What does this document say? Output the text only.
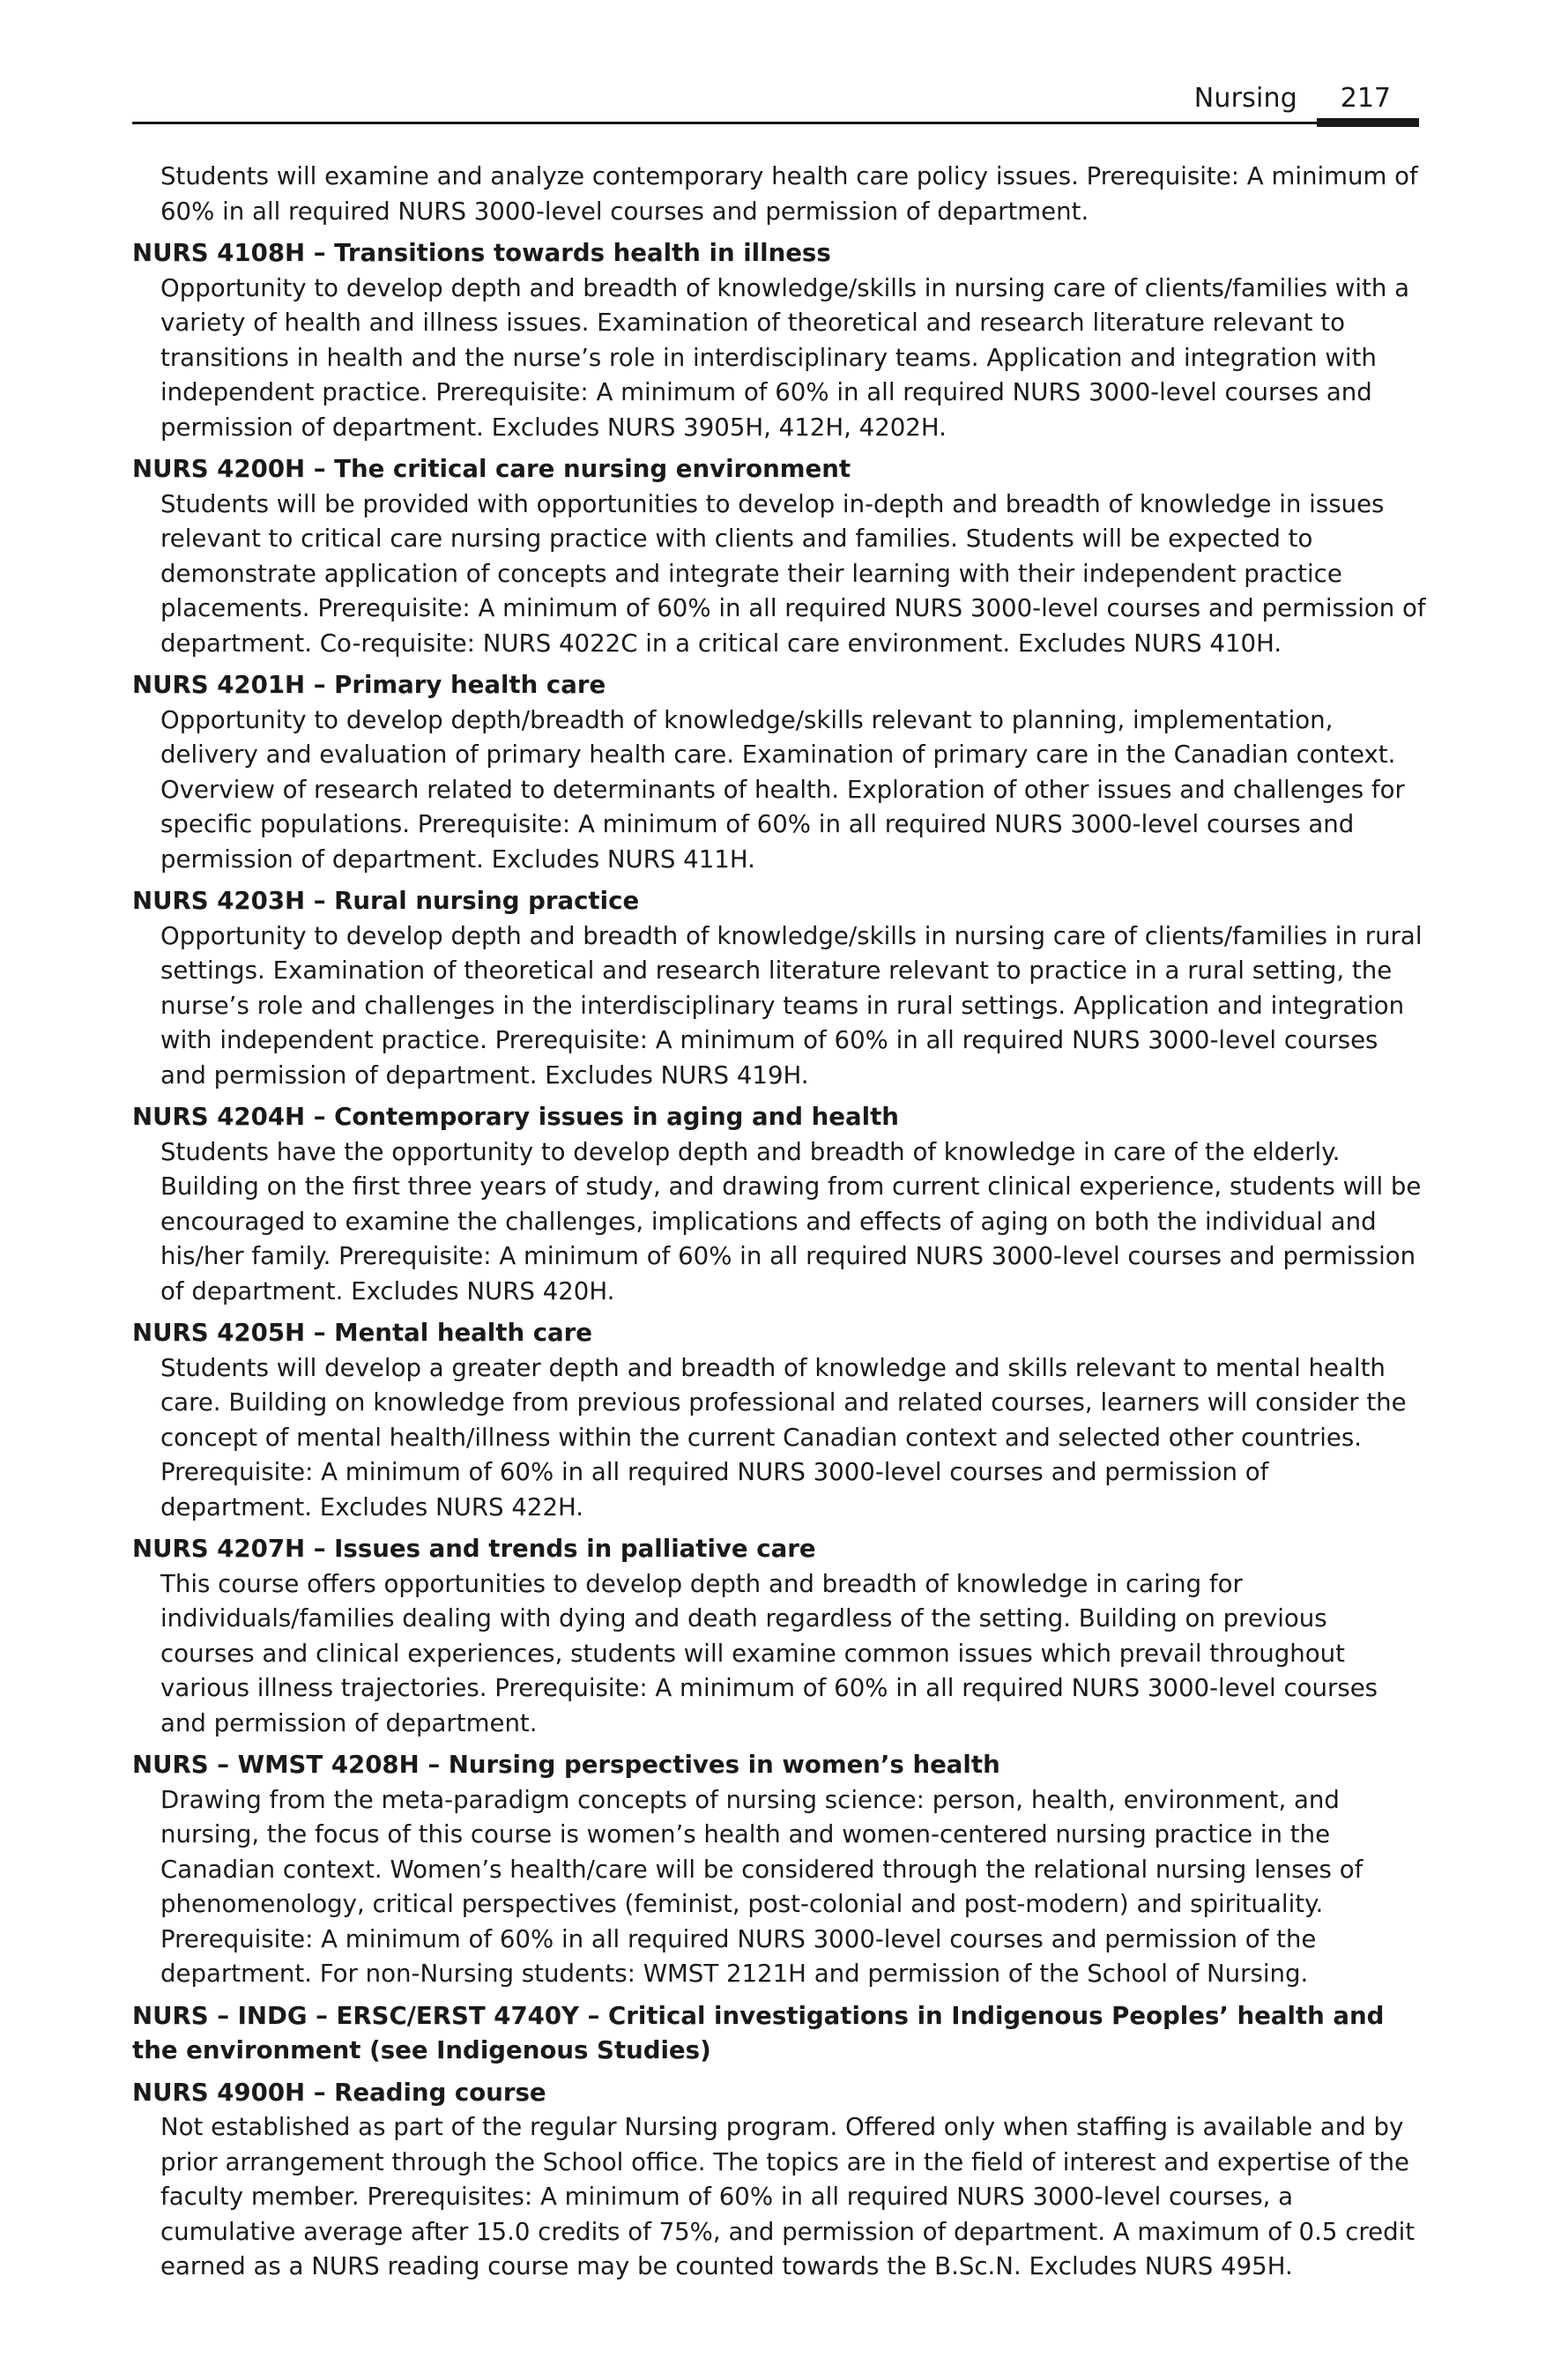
Nursing 217

Students will examine and analyze contemporary health care policy issues. Prerequisite: A minimum of 60% in all required NURS 3000-level courses and permission of department.

NURS 4108H – Transitions towards health in illness

Opportunity to develop depth and breadth of knowledge/skills in nursing care of clients/families with a variety of health and illness issues. Examination of theoretical and research literature relevant to transitions in health and the nurse’s role in interdisciplinary teams. Application and integration with independent practice. Prerequisite: A minimum of 60% in all required NURS 3000-level courses and permission of department. Excludes NURS 3905H, 412H, 4202H.

NURS 4200H – The critical care nursing environment

Students will be provided with opportunities to develop in-depth and breadth of knowledge in issues relevant to critical care nursing practice with clients and families. Students will be expected to demonstrate application of concepts and integrate their learning with their independent practice placements. Prerequisite: A minimum of 60% in all required NURS 3000-level courses and permission of department. Co-requisite: NURS 4022C in a critical care environment. Excludes NURS 410H.

NURS 4201H – Primary health care

Opportunity to develop depth/breadth of knowledge/skills relevant to planning, implementation, delivery and evaluation of primary health care. Examination of primary care in the Canadian context. Overview of research related to determinants of health. Exploration of other issues and challenges for specific populations. Prerequisite: A minimum of 60% in all required NURS 3000-level courses and permission of department. Excludes NURS 411H.

NURS 4203H – Rural nursing practice

Opportunity to develop depth and breadth of knowledge/skills in nursing care of clients/families in rural settings. Examination of theoretical and research literature relevant to practice in a rural setting, the nurse’s role and challenges in the interdisciplinary teams in rural settings. Application and integration with independent practice. Prerequisite: A minimum of 60% in all required NURS 3000-level courses and permission of department. Excludes NURS 419H.

NURS 4204H – Contemporary issues in aging and health

Students have the opportunity to develop depth and breadth of knowledge in care of the elderly. Building on the first three years of study, and drawing from current clinical experience, students will be encouraged to examine the challenges, implications and effects of aging on both the individual and his/her family. Prerequisite: A minimum of 60% in all required NURS 3000-level courses and permission of department. Excludes NURS 420H.

NURS 4205H – Mental health care

Students will develop a greater depth and breadth of knowledge and skills relevant to mental health care. Building on knowledge from previous professional and related courses, learners will consider the concept of mental health/illness within the current Canadian context and selected other countries. Prerequisite: A minimum of 60% in all required NURS 3000-level courses and permission of department. Excludes NURS 422H.

NURS 4207H – Issues and trends in palliative care

This course offers opportunities to develop depth and breadth of knowledge in caring for individuals/families dealing with dying and death regardless of the setting. Building on previous courses and clinical experiences, students will examine common issues which prevail throughout various illness trajectories. Prerequisite: A minimum of 60% in all required NURS 3000-level courses and permission of department.

NURS – WMST 4208H – Nursing perspectives in women’s health

Drawing from the meta-paradigm concepts of nursing science: person, health, environment, and nursing, the focus of this course is women’s health and women-centered nursing practice in the Canadian context. Women’s health/care will be considered through the relational nursing lenses of phenomenology, critical perspectives (feminist, post-colonial and post-modern) and spirituality. Prerequisite: A minimum of 60% in all required NURS 3000-level courses and permission of the department. For non-Nursing students: WMST 2121H and permission of the School of Nursing.

NURS – INDG – ERSC/ERST 4740Y – Critical investigations in Indigenous Peoples’ health and the environment (see Indigenous Studies)

NURS 4900H – Reading course

Not established as part of the regular Nursing program. Offered only when staffing is available and by prior arrangement through the School office. The topics are in the field of interest and expertise of the faculty member. Prerequisites: A minimum of 60% in all required NURS 3000-level courses, a cumulative average after 15.0 credits of 75%, and permission of department. A maximum of 0.5 credit earned as a NURS reading course may be counted towards the B.Sc.N. Excludes NURS 495H.
